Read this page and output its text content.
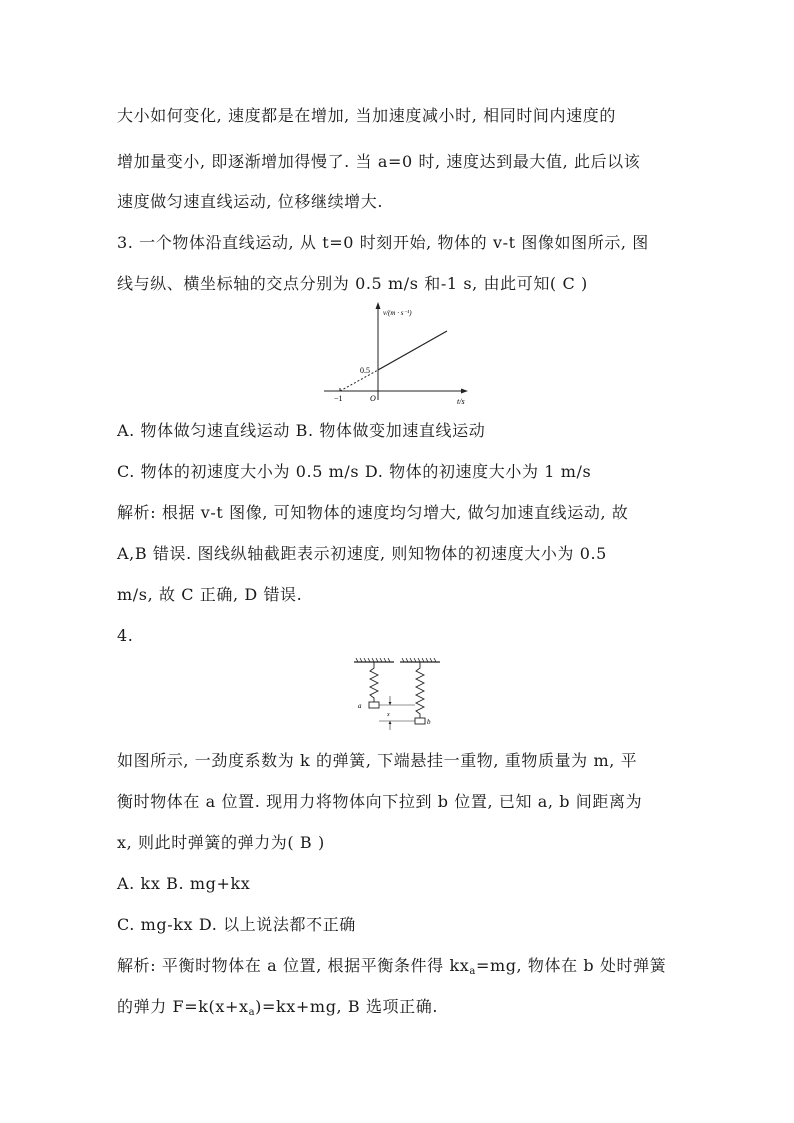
大小如何变化, 速度都是在增加, 当加速度减小时, 相同时间内速度的
增加量变小, 即逐渐增加得慢了. 当 a=0 时, 速度达到最大值, 此后以该
速度做匀速直线运动, 位移继续增大.
3. 一个物体沿直线运动, 从 t=0 时刻开始, 物体的 v-t 图像如图所示, 图
线与纵、横坐标轴的交点分别为 0.5 m/s 和-1 s, 由此可知( C )
v/(m · s⁻¹)
0.5
−1	O	t/s
A. 物体做匀速直线运动 B. 物体做变加速直线运动
C. 物体的初速度大小为 0.5 m/s D. 物体的初速度大小为 1 m/s
解析: 根据 v-t 图像, 可知物体的速度均匀增大, 做匀加速直线运动, 故
A,B 错误. 图线纵轴截距表示初速度, 则知物体的初速度大小为 0.5
m/s, 故 C 正确, D 错误.
4.
a
b
x
如图所示, 一劲度系数为 k 的弹簧, 下端悬挂一重物, 重物质量为 m, 平
衡时物体在 a 位置. 现用力将物体向下拉到 b 位置, 已知 a, b 间距离为
x, 则此时弹簧的弹力为( B )
A. kx B. mg+kx
C. mg-kx D. 以上说法都不正确
解析: 平衡时物体在 a 位置, 根据平衡条件得 $kx_a=mg$, 物体在 b 处时弹簧
的弹力 $F=k(x+x_a)=kx+mg$, B 选项正确.
